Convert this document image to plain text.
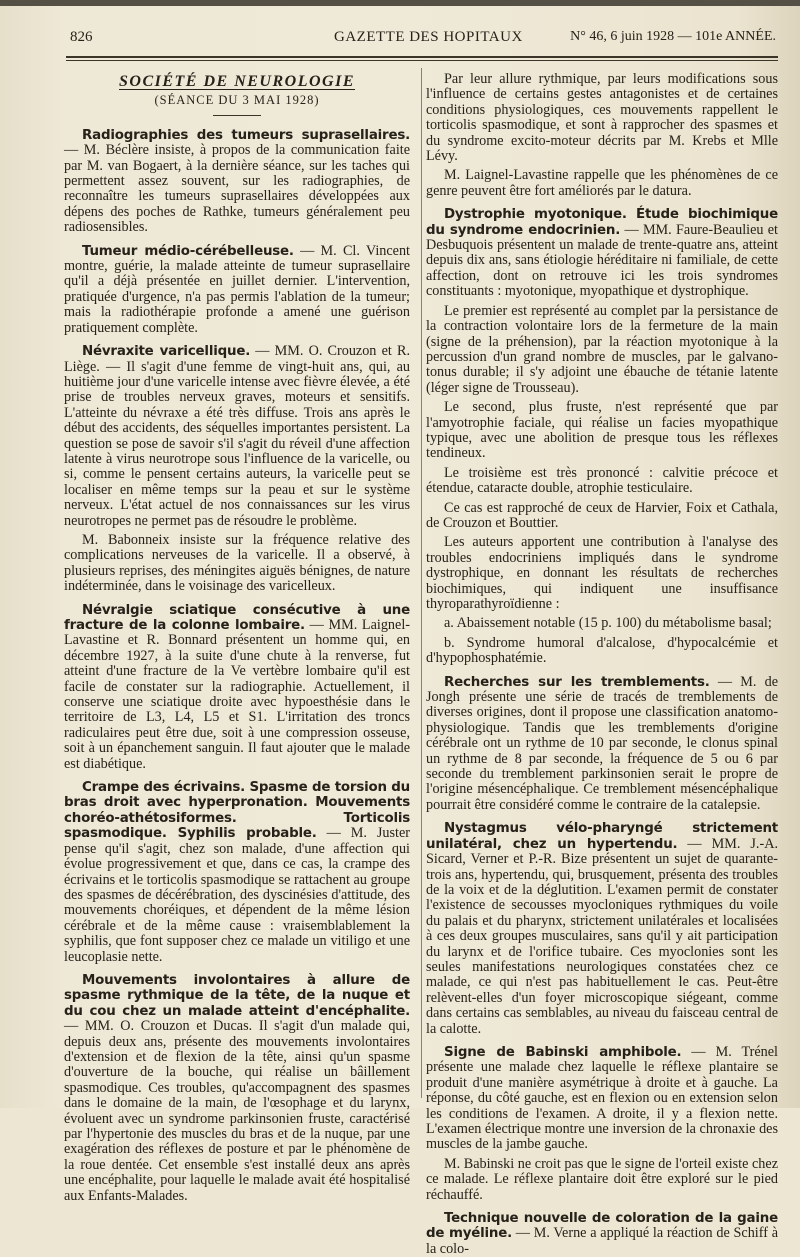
826	GAZETTE DES HOPITAUX	N° 46, 6 juin 1928 — 101e ANNÉE.
SOCIÉTÉ DE NEUROLOGIE
(SÉANCE DU 3 MAI 1928)

Radiographies des tumeurs suprasellaires. — M. Béclère insiste, à propos de la communication faite par M. van Bogaert, à la dernière séance, sur les taches qui permettent assez souvent, sur les radiographies, de reconnaître les tumeurs suprasellaires développées aux dépens des poches de Rathke, tumeurs généralement peu radiosensibles.

Tumeur médio-cérébelleuse. — M. Cl. Vincent montre, guérie, la malade atteinte de tumeur suprasellaire qu'il a déjà présentée en juillet dernier. L'intervention, pratiquée d'urgence, n'a pas permis l'ablation de la tumeur; mais la radiothérapie profonde a amené une guérison pratiquement complète.

Névraxite varicellique. — MM. O. Crouzon et R. Liège. — Il s'agit d'une femme de vingt-huit ans, qui, au huitième jour d'une varicelle intense avec fièvre élevée, a été prise de troubles nerveux graves, moteurs et sensitifs. L'atteinte du névraxe a été très diffuse. Trois ans après le début des accidents, des séquelles importantes persistent. La question se pose de savoir s'il s'agit du réveil d'une affection latente à virus neurotrope sous l'influence de la varicelle, ou si, comme le pensent certains auteurs, la varicelle peut se localiser en même temps sur la peau et sur le système nerveux. L'état actuel de nos connaissances sur les virus neurotropes ne permet pas de résoudre le problème.

M. Babonneix insiste sur la fréquence relative des complications nerveuses de la varicelle. Il a observé, à plusieurs reprises, des méningites aiguës bénignes, de nature indéterminée, dans le voisinage des varicelleux.

Névralgie sciatique consécutive à une fracture de la colonne lombaire. — MM. Laignel-Lavastine et R. Bonnard présentent un homme qui, en décembre 1927, à la suite d'une chute à la renverse, fut atteint d'une fracture de la Ve vertèbre lombaire qu'il est facile de constater sur la radiographie. Actuellement, il conserve une sciatique droite avec hypoesthésie dans le territoire de L3, L4, L5 et S1. L'irritation des troncs radiculaires peut être due, soit à une compression osseuse, soit à un épanchement sanguin. Il faut ajouter que le malade est diabétique.

Crampe des écrivains. Spasme de torsion du bras droit avec hyperpronation. Mouvements choréo-athétosiformes. Torticolis spasmodique. Syphilis probable. — M. Juster pense qu'il s'agit, chez son malade, d'une affection qui évolue progressivement et que, dans ce cas, la crampe des écrivains et le torticolis spasmodique se rattachent au groupe des spasmes de décérébration, des dyscinésies d'attitude, des mouvements choréiques, et dépendent de la même lésion cérébrale et de la même cause : vraisemblablement la syphilis, que font supposer chez ce malade un vitiligo et une leucoplasie nette.

Mouvements involontaires à allure de spasme rythmique de la tête, de la nuque et du cou chez un malade atteint d'encéphalite. — MM. O. Crouzon et Ducas. Il s'agit d'un malade qui, depuis deux ans, présente des mouvements involontaires d'extension et de flexion de la tête, ainsi qu'un spasme d'ouverture de la bouche, qui réalise un bâillement spasmodique. Ces troubles, qu'accompagnent des spasmes dans le domaine de la main, de l'œsophage et du larynx, évoluent avec un syndrome parkinsonien fruste, caractérisé par l'hypertonie des muscles du bras et de la nuque, par une exagération des réflexes de posture et par le phénomène de la roue dentée. Cet ensemble s'est installé deux ans après une encéphalite, pour laquelle le malade avait été hospitalisé aux Enfants-Malades.

Par leur allure rythmique, par leurs modifications sous l'influence de certains gestes antagonistes et de certaines conditions physiologiques, ces mouvements rappellent le torticolis spasmodique, et sont à rapprocher des spasmes et du syndrome excito-moteur décrits par M. Krebs et Mlle Lévy.

M. Laignel-Lavastine rappelle que les phénomènes de ce genre peuvent être fort améliorés par le datura.

Dystrophie myotonique. Étude biochimique du syndrome endocrinien. — MM. Faure-Beaulieu et Desbuquois présentent un malade de trente-quatre ans, atteint depuis dix ans, sans étiologie héréditaire ni familiale, de cette affection, dont on retrouve ici les trois syndromes constituants : myotonique, myopathique et dystrophique.

Le premier est représenté au complet par la persistance de la contraction volontaire lors de la fermeture de la main (signe de la préhension), par la réaction myotonique à la percussion d'un grand nombre de muscles, par le galvano-tonus durable; il s'y adjoint une ébauche de tétanie latente (léger signe de Trousseau).

Le second, plus fruste, n'est représenté que par l'amyotrophie faciale, qui réalise un facies myopathique typique, avec une abolition de presque tous les réflexes tendineux.

Le troisième est très prononcé : calvitie précoce et étendue, cataracte double, atrophie testiculaire.

Ce cas est rapproché de ceux de Harvier, Foix et Cathala, de Crouzon et Bouttier.

Les auteurs apportent une contribution à l'analyse des troubles endocriniens impliqués dans le syndrome dystrophique, en donnant les résultats de recherches biochimiques, qui indiquent une insuffisance thyroparathyroïdienne :

a. Abaissement notable (15 p. 100) du métabolisme basal;

b. Syndrome humoral d'alcalose, d'hypocalcémie et d'hypophosphatémie.

Recherches sur les tremblements. — M. de Jongh présente une série de tracés de tremblements de diverses origines, dont il propose une classification anatomo-physiologique. Tandis que les tremblements d'origine cérébrale ont un rythme de 10 par seconde, le clonus spinal un rythme de 8 par seconde, la fréquence de 5 ou 6 par seconde du tremblement parkinsonien serait le propre de l'origine mésencéphalique. Ce tremblement mésencéphalique pourrait être considéré comme le contraire de la catalepsie.

Nystagmus vélo-pharyngé strictement unilatéral, chez un hypertendu. — MM. J.-A. Sicard, Verner et P.-R. Bize présentent un sujet de quarante-trois ans, hypertendu, qui, brusquement, présenta des troubles de la voix et de la déglutition. L'examen permit de constater l'existence de secousses myocloniques rythmiques du voile du palais et du pharynx, strictement unilatérales et localisées à ces deux groupes musculaires, sans qu'il y ait participation du larynx et de l'orifice tubaire. Ces myoclonies sont les seules manifestations neurologiques constatées chez ce malade, ce qui n'est pas habituellement le cas. Peut-être relèvent-elles d'un foyer microscopique siégeant, comme dans certains cas semblables, au niveau du faisceau central de la calotte.

Signe de Babinski amphibole. — M. Trénel présente une malade chez laquelle le réflexe plantaire se produit d'une manière asymétrique à droite et à gauche. La réponse, du côté gauche, est en flexion ou en extension selon les conditions de l'examen. A droite, il y a flexion nette. L'examen électrique montre une inversion de la chronaxie des muscles de la jambe gauche.

M. Babinski ne croit pas que le signe de l'orteil existe chez ce malade. Le réflexe plantaire doit être exploré sur le pied réchauffé.

Technique nouvelle de coloration de la gaine de myéline. — M. Verne a appliqué la réaction de Schiff à la colo-
